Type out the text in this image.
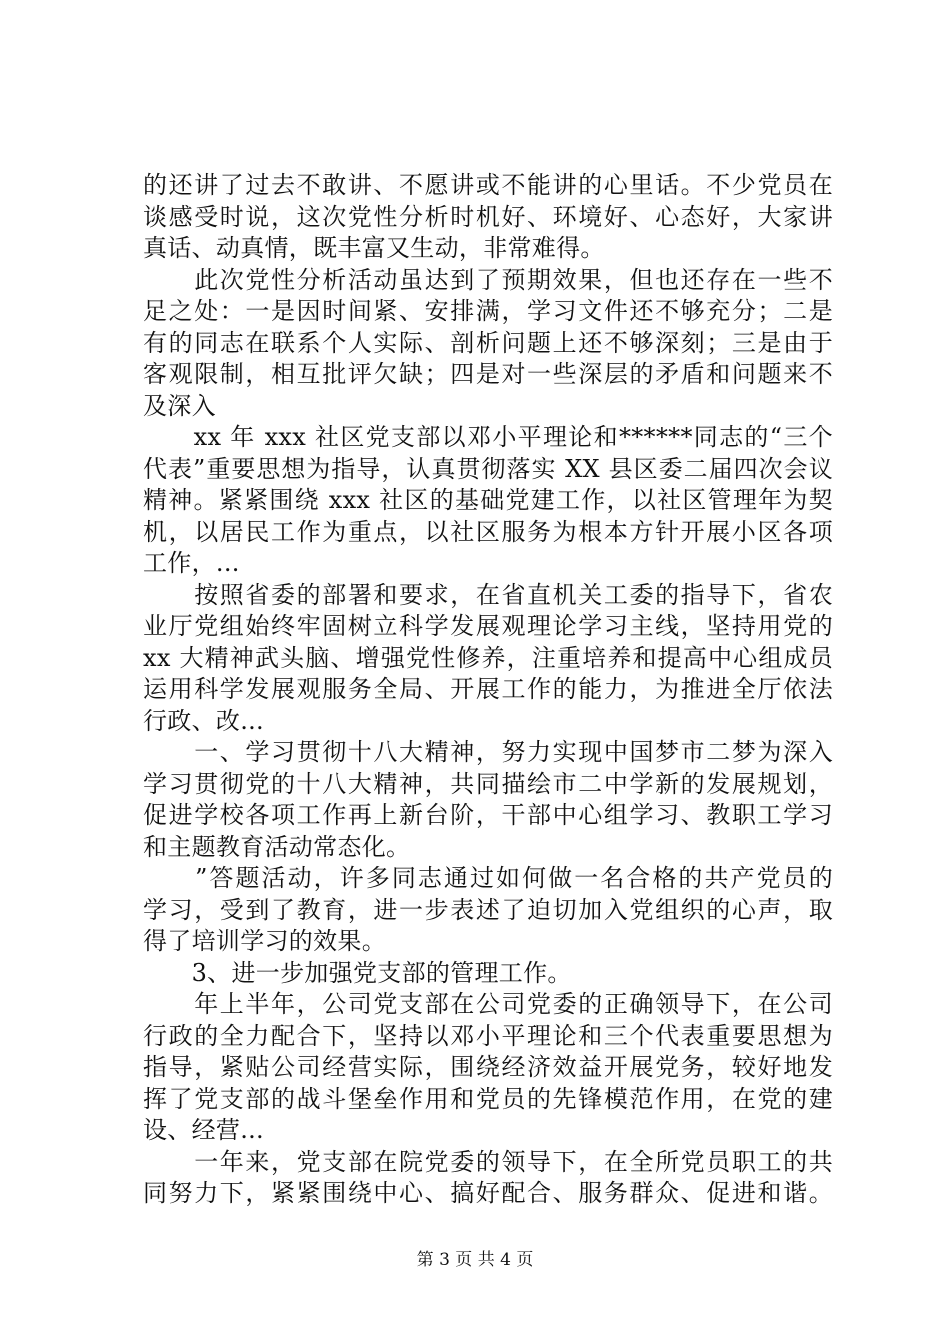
的还讲了过去不敢讲、不愿讲或不能讲的心里话。不少党员在
谈感受时说，这次党性分析时机好、环境好、心态好，大家讲
真话、动真情，既丰富又生动，非常难得。
　　此次党性分析活动虽达到了预期效果，但也还存在一些不
足之处：一是因时间紧、安排满，学习文件还不够充分；二是
有的同志在联系个人实际、剖析问题上还不够深刻；三是由于
客观限制，相互批评欠缺；四是对一些深层的矛盾和问题来不
及深入
　　xx 年 xxx 社区党支部以邓小平理论和******同志的“三个
代表”重要思想为指导，认真贯彻落实 XX 县区委二届四次会议
精神。紧紧围绕 xxx 社区的基础党建工作，以社区管理年为契
机，以居民工作为重点，以社区服务为根本方针开展小区各项
工作，...
　　按照省委的部署和要求，在省直机关工委的指导下，省农
业厅党组始终牢固树立科学发展观理论学习主线，坚持用党的
xx 大精神武头脑、增强党性修养，注重培养和提高中心组成员
运用科学发展观服务全局、开展工作的能力，为推进全厅依法
行政、改...
　　一、学习贯彻十八大精神，努力实现中国梦市二梦为深入
学习贯彻党的十八大精神，共同描绘市二中学新的发展规划，
促进学校各项工作再上新台阶，干部中心组学习、教职工学习
和主题教育活动常态化。
　　”答题活动，许多同志通过如何做一名合格的共产党员的
学习，受到了教育，进一步表述了迫切加入党组织的心声，取
得了培训学习的效果。
　　3、进一步加强党支部的管理工作。
　　年上半年，公司党支部在公司党委的正确领导下，在公司
行政的全力配合下，坚持以邓小平理论和三个代表重要思想为
指导，紧贴公司经营实际，围绕经济效益开展党务，较好地发
挥了党支部的战斗堡垒作用和党员的先锋模范作用，在党的建
设、经营...
　　一年来，党支部在院党委的领导下，在全所党员职工的共
同努力下，紧紧围绕中心、搞好配合、服务群众、促进和谐。
第 3 页 共 4 页
